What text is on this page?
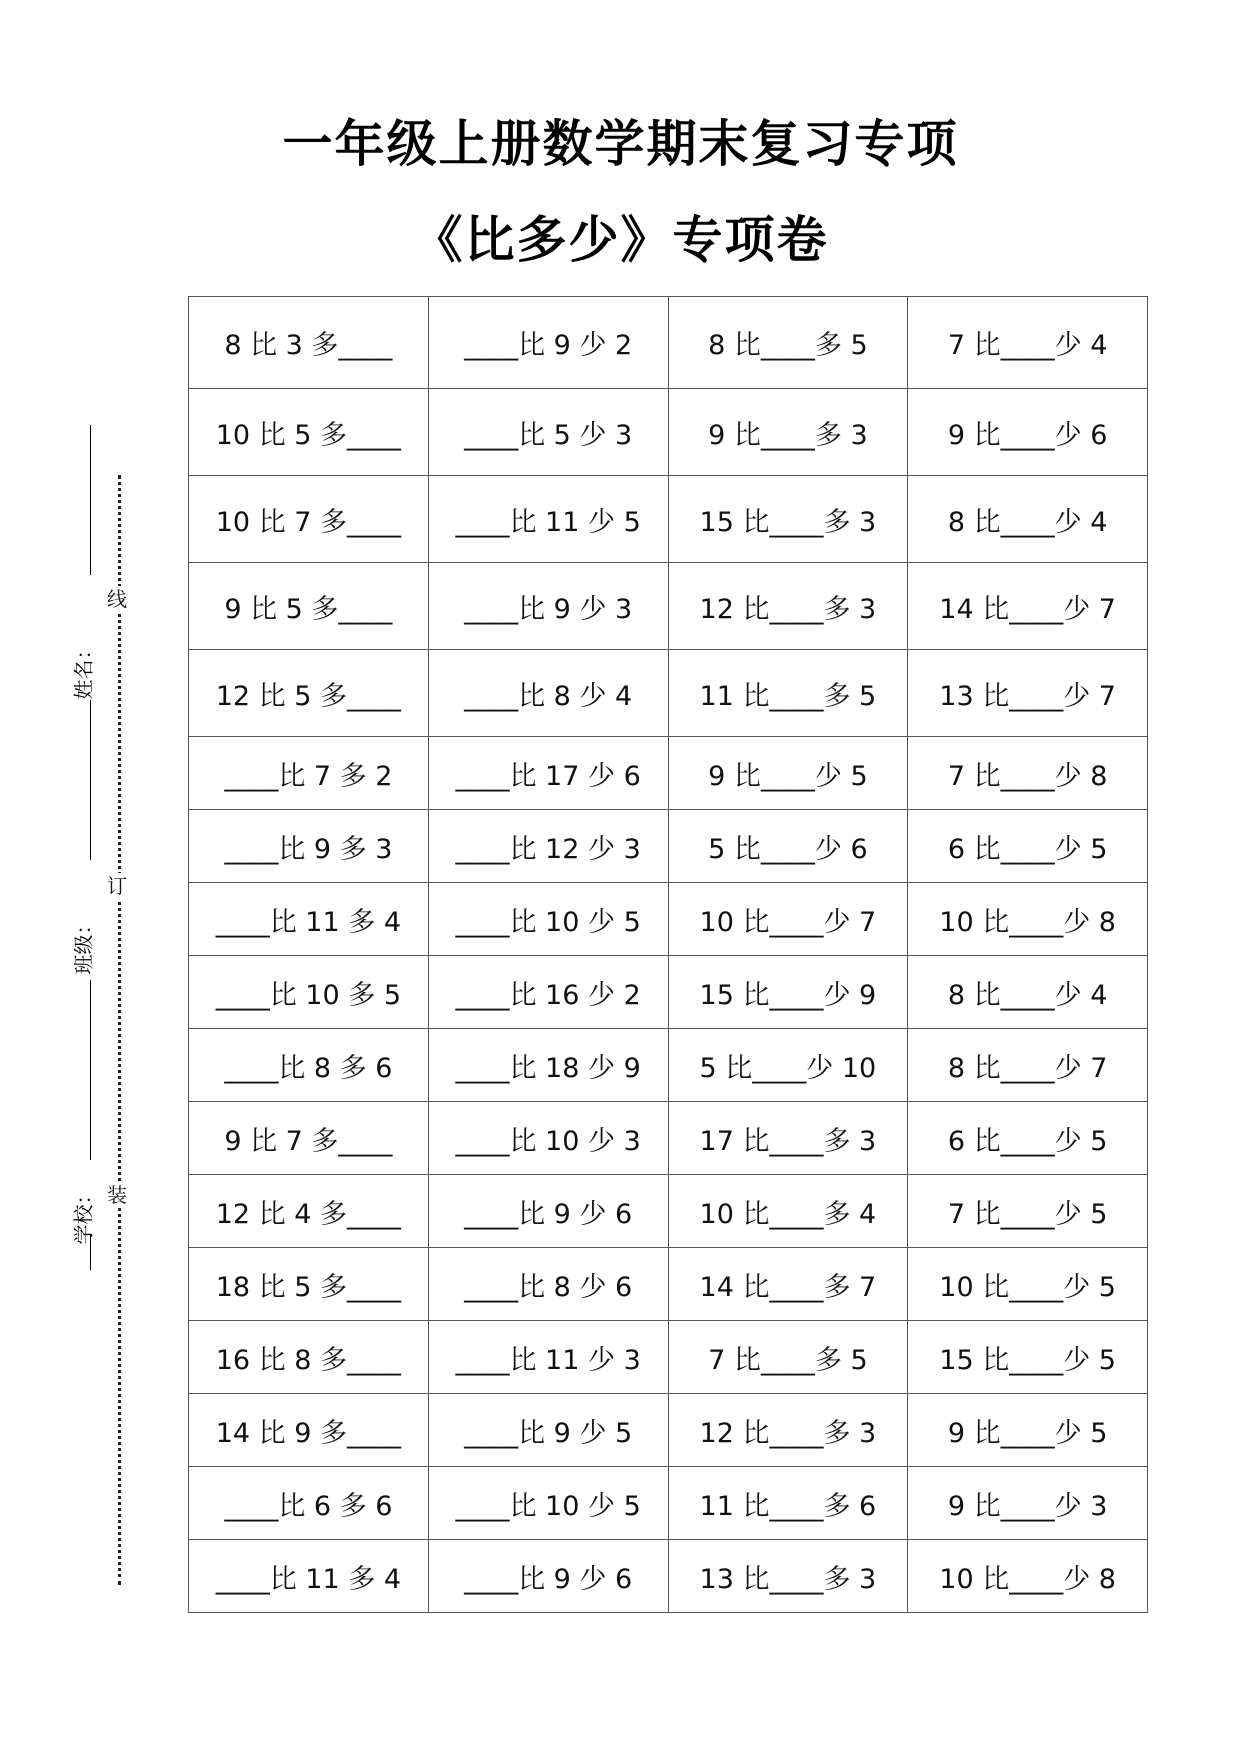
一年级上册数学期末复习专项
《比多少》专项卷
姓名：
班级：
学校：
线
订
装
8 比 3 多____	____比 9 少 2	8 比____多 5	7 比____少 4
10 比 5 多____	____比 5 少 3	9 比____多 3	9 比____少 6
10 比 7 多____	____比 11 少 5	15 比____多 3	8 比____少 4
9 比 5 多____	____比 9 少 3	12 比____多 3	14 比____少 7
12 比 5 多____	____比 8 少 4	11 比____多 5	13 比____少 7
____比 7 多 2	____比 17 少 6	9 比____少 5	7 比____少 8
____比 9 多 3	____比 12 少 3	5 比____少 6	6 比____少 5
____比 11 多 4	____比 10 少 5	10 比____少 7	10 比____少 8
____比 10 多 5	____比 16 少 2	15 比____少 9	8 比____少 4
____比 8 多 6	____比 18 少 9	5 比____少 10	8 比____少 7
9 比 7 多____	____比 10 少 3	17 比____多 3	6 比____少 5
12 比 4 多____	____比 9 少 6	10 比____多 4	7 比____少 5
18 比 5 多____	____比 8 少 6	14 比____多 7	10 比____少 5
16 比 8 多____	____比 11 少 3	7 比____多 5	15 比____少 5
14 比 9 多____	____比 9 少 5	12 比____多 3	9 比____少 5
____比 6 多 6	____比 10 少 5	11 比____多 6	9 比____少 3
____比 11 多 4	____比 9 少 6	13 比____多 3	10 比____少 8
